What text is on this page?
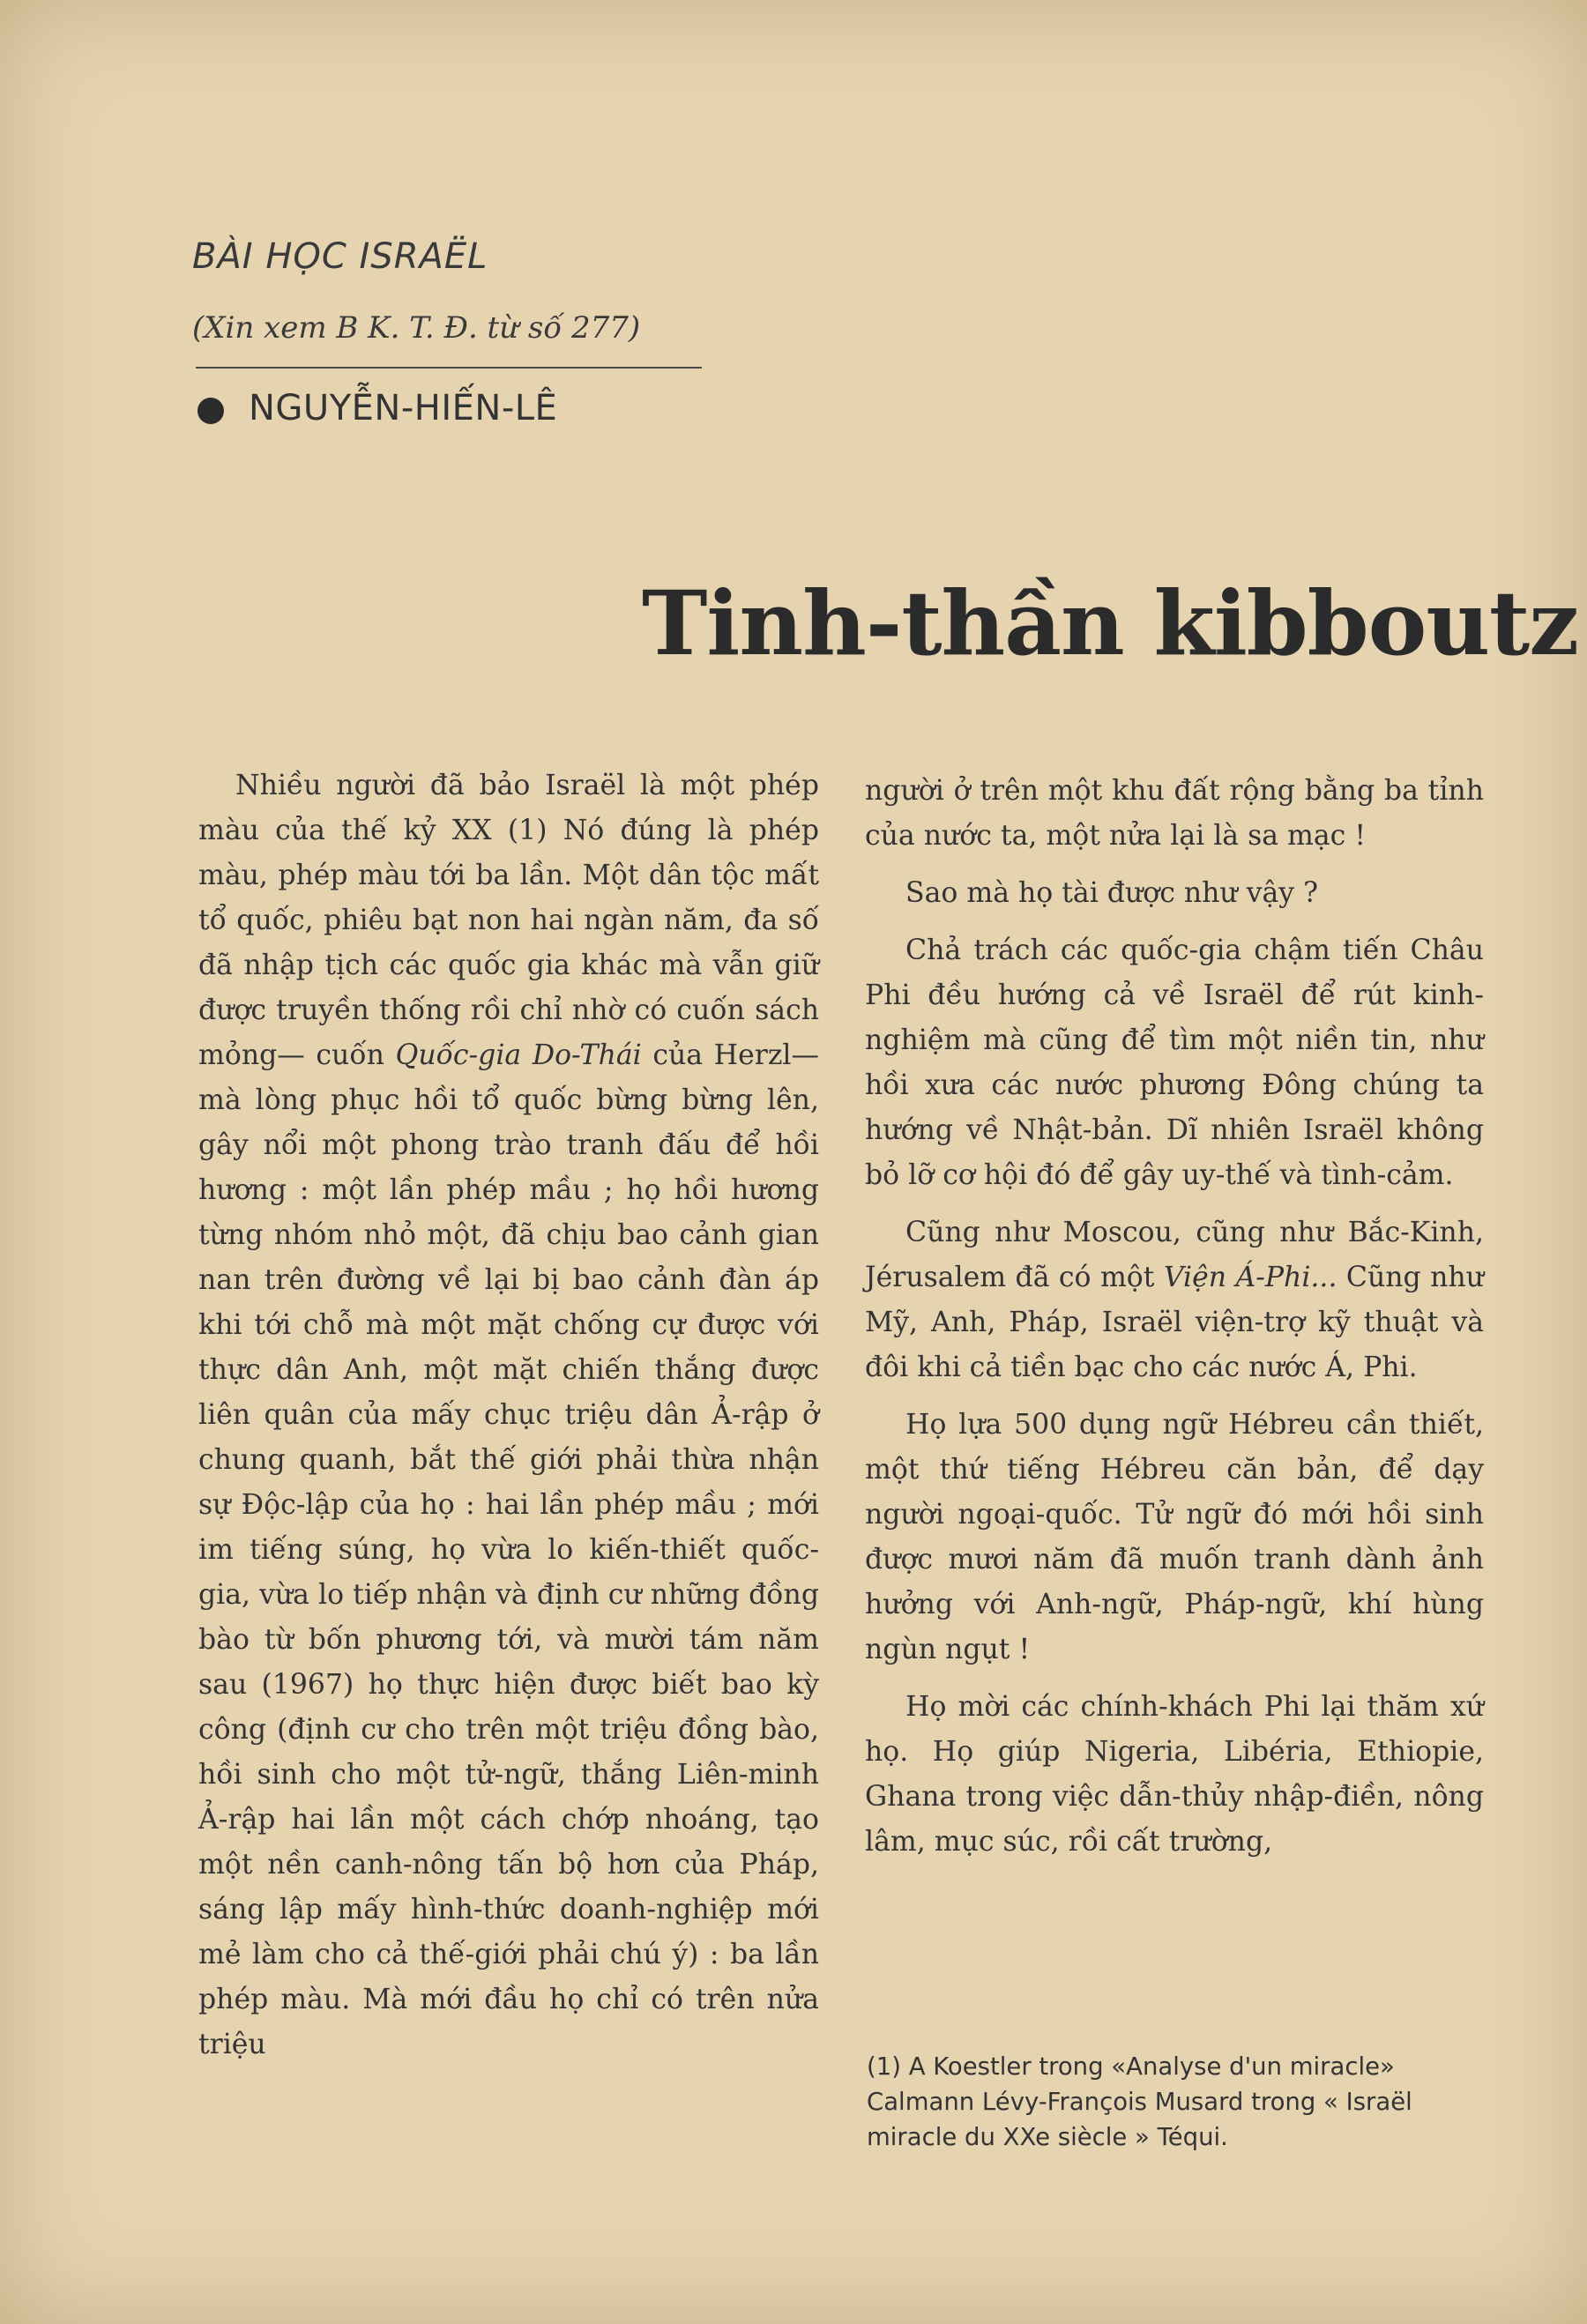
BÀI HỌC ISRAËL
(Xin xem B K. T. Đ. từ số 277)
NGUYỄN-HIẾN-LÊ
Tinh-thần kibboutz

Nhiều người đã bảo Israël là một phép màu của thế kỷ XX (1) Nó đúng là phép màu, phép màu tới ba lần. Một dân tộc mất tổ quốc, phiêu bạt non hai ngàn năm, đa số đã nhập tịch các quốc gia khác mà vẫn giữ được truyền thống rồi chỉ nhờ có cuốn sách mỏng— cuốn Quốc-gia Do-Thái của Herzl— mà lòng phục hồi tổ quốc bừng bừng lên, gây nổi một phong trào tranh đấu để hồi hương : một lần phép mầu ; họ hồi hương từng nhóm nhỏ một, đã chịu bao cảnh gian nan trên đường về lại bị bao cảnh đàn áp khi tới chỗ mà một mặt chống cự được với thực dân Anh, một mặt chiến thắng được liên quân của mấy chục triệu dân Ả-rập ở chung quanh, bắt thế giới phải thừa nhận sự Độc-lập của họ : hai lần phép mầu ; mới im tiếng súng, họ vừa lo kiến-thiết quốc-gia, vừa lo tiếp nhận và định cư những đồng bào từ bốn phương tới, và mười tám năm sau (1967) họ thực hiện được biết bao kỳ công (định cư cho trên một triệu đồng bào, hồi sinh cho một tử-ngữ, thắng Liên-minh Ả-rập hai lần một cách chớp nhoáng, tạo một nền canh-nông tấn bộ hơn của Pháp, sáng lập mấy hình-thức doanh-nghiệp mới mẻ làm cho cả thế-giới phải chú ý) : ba lần phép màu. Mà mới đầu họ chỉ có trên nửa triệu

người ở trên một khu đất rộng bằng ba tỉnh của nước ta, một nửa lại là sa mạc !

Sao mà họ tài được như vậy ?

Chả trách các quốc-gia chậm tiến Châu Phi đều hướng cả về Israël để rút kinh-nghiệm mà cũng để tìm một niền tin, như hồi xưa các nước phương Đông chúng ta hướng về Nhật-bản. Dĩ nhiên Israël không bỏ lỡ cơ hội đó để gây uy-thế và tình-cảm.

Cũng như Moscou, cũng như Bắc-Kinh, Jérusalem đã có một Viện Á-Phi... Cũng như Mỹ, Anh, Pháp, Israël viện-trợ kỹ thuật và đôi khi cả tiền bạc cho các nước Á, Phi.

Họ lựa 500 dụng ngữ Hébreu cần thiết, một thứ tiếng Hébreu căn bản, để dạy người ngoại-quốc. Tử ngữ đó mới hồi sinh được mươi năm đã muốn tranh dành ảnh hưởng với Anh-ngữ, Pháp-ngữ, khí hùng ngùn ngụt !

Họ mời các chính-khách Phi lại thăm xứ họ. Họ giúp Nigeria, Libéria, Ethiopie, Ghana trong việc dẫn-thủy nhập-điền, nông lâm, mục súc, rồi cất trường,

(1) A Koestler trong «Analyse d'un miracle»

Calmann Lévy-François Musard trong « Israël miracle du XXe siècle » Téqui.
